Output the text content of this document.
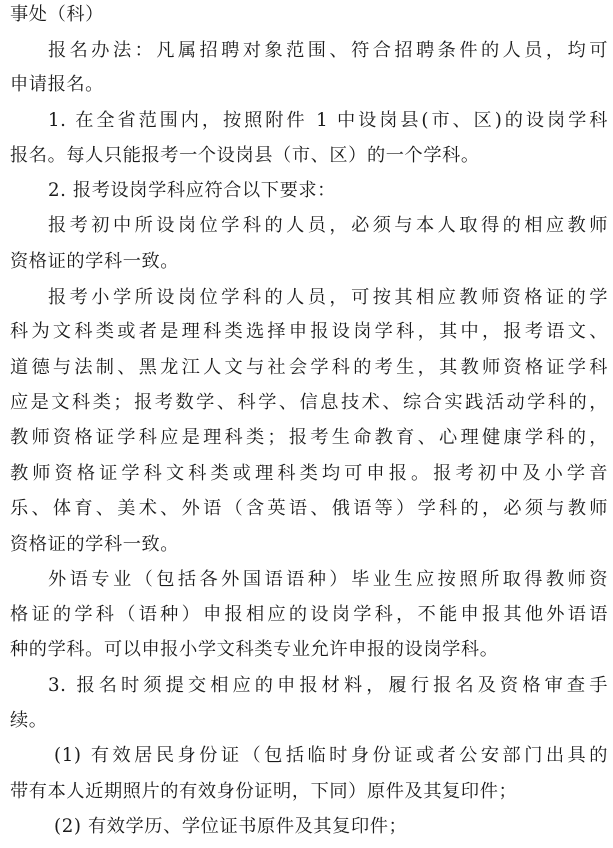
事处（科）
报名办法：凡属招聘对象范围、符合招聘条件的人员，均可
申请报名。
1. 在全省范围内，按照附件 1 中设岗县(市、区)的设岗学科
报名。每人只能报考一个设岗县（市、区）的一个学科。
2. 报考设岗学科应符合以下要求：
报考初中所设岗位学科的人员，必须与本人取得的相应教师
资格证的学科一致。
报考小学所设岗位学科的人员，可按其相应教师资格证的学
科为文科类或者是理科类选择申报设岗学科，其中，报考语文、
道德与法制、黑龙江人文与社会学科的考生，其教师资格证学科
应是文科类；报考数学、科学、信息技术、综合实践活动学科的，
教师资格证学科应是理科类；报考生命教育、心理健康学科的，
教师资格证学科文科类或理科类均可申报。报考初中及小学音
乐、体育、美术、外语（含英语、俄语等）学科的，必须与教师
资格证的学科一致。
外语专业（包括各外国语语种）毕业生应按照所取得教师资
格证的学科（语种）申报相应的设岗学科，不能申报其他外语语
种的学科。可以申报小学文科类专业允许申报的设岗学科。
3. 报名时须提交相应的申报材料，履行报名及资格审查手
续。
(1) 有效居民身份证（包括临时身份证或者公安部门出具的
带有本人近期照片的有效身份证明，下同）原件及其复印件；
(2) 有效学历、学位证书原件及其复印件；
